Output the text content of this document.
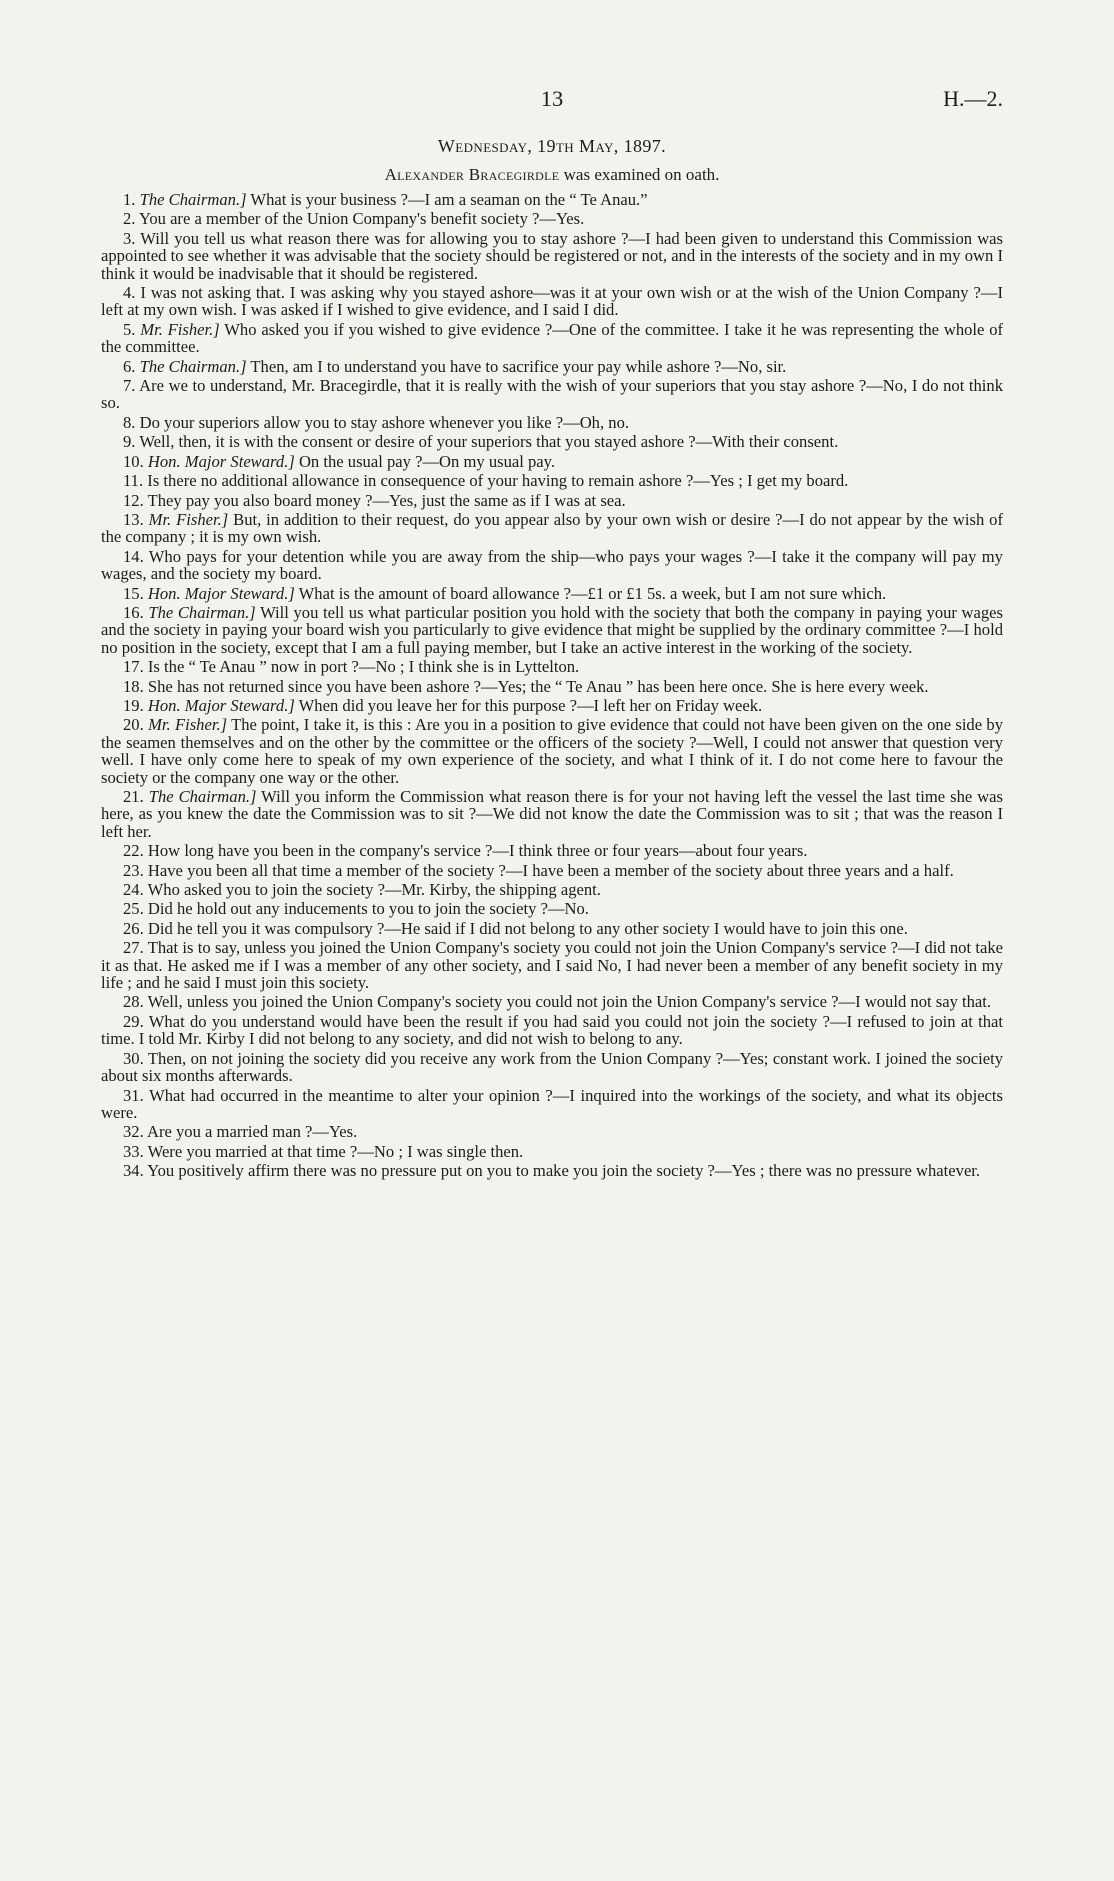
13	H.—2.
Wednesday, 19th May, 1897.
Alexander Bracegirdle was examined on oath.

1. The Chairman.] What is your business ?—I am a seaman on the “ Te Anau.”

2. You are a member of the Union Company's benefit society ?—Yes.

3. Will you tell us what reason there was for allowing you to stay ashore ?—I had been given to understand this Commission was appointed to see whether it was advisable that the society should be registered or not, and in the interests of the society and in my own I think it would be inadvisable that it should be registered.

4. I was not asking that. I was asking why you stayed ashore—was it at your own wish or at the wish of the Union Company ?—I left at my own wish. I was asked if I wished to give evidence, and I said I did.

5. Mr. Fisher.] Who asked you if you wished to give evidence ?—One of the committee. I take it he was representing the whole of the committee.

6. The Chairman.] Then, am I to understand you have to sacrifice your pay while ashore ?—No, sir.

7. Are we to understand, Mr. Bracegirdle, that it is really with the wish of your superiors that you stay ashore ?—No, I do not think so.

8. Do your superiors allow you to stay ashore whenever you like ?—Oh, no.

9. Well, then, it is with the consent or desire of your superiors that you stayed ashore ?—With their consent.

10. Hon. Major Steward.] On the usual pay ?—On my usual pay.

11. Is there no additional allowance in consequence of your having to remain ashore ?—Yes ; I get my board.

12. They pay you also board money ?—Yes, just the same as if I was at sea.

13. Mr. Fisher.] But, in addition to their request, do you appear also by your own wish or desire ?—I do not appear by the wish of the company ; it is my own wish.

14. Who pays for your detention while you are away from the ship—who pays your wages ?—I take it the company will pay my wages, and the society my board.

15. Hon. Major Steward.] What is the amount of board allowance ?—£1 or £1 5s. a week, but I am not sure which.

16. The Chairman.] Will you tell us what particular position you hold with the society that both the company in paying your wages and the society in paying your board wish you particularly to give evidence that might be supplied by the ordinary committee ?—I hold no position in the society, except that I am a full paying member, but I take an active interest in the working of the society.

17. Is the “ Te Anau ” now in port ?—No ; I think she is in Lyttelton.

18. She has not returned since you have been ashore ?—Yes; the “ Te Anau ” has been here once. She is here every week.

19. Hon. Major Steward.] When did you leave her for this purpose ?—I left her on Friday week.

20. Mr. Fisher.] The point, I take it, is this : Are you in a position to give evidence that could not have been given on the one side by the seamen themselves and on the other by the committee or the officers of the society ?—Well, I could not answer that question very well. I have only come here to speak of my own experience of the society, and what I think of it. I do not come here to favour the society or the company one way or the other.

21. The Chairman.] Will you inform the Commission what reason there is for your not having left the vessel the last time she was here, as you knew the date the Commission was to sit ?—We did not know the date the Commission was to sit ; that was the reason I left her.

22. How long have you been in the company's service ?—I think three or four years—about four years.

23. Have you been all that time a member of the society ?—I have been a member of the society about three years and a half.

24. Who asked you to join the society ?—Mr. Kirby, the shipping agent.

25. Did he hold out any inducements to you to join the society ?—No.

26. Did he tell you it was compulsory ?—He said if I did not belong to any other society I would have to join this one.

27. That is to say, unless you joined the Union Company's society you could not join the Union Company's service ?—I did not take it as that. He asked me if I was a member of any other society, and I said No, I had never been a member of any benefit society in my life ; and he said I must join this society.

28. Well, unless you joined the Union Company's society you could not join the Union Company's service ?—I would not say that.

29. What do you understand would have been the result if you had said you could not join the society ?—I refused to join at that time. I told Mr. Kirby I did not belong to any society, and did not wish to belong to any.

30. Then, on not joining the society did you receive any work from the Union Company ?—Yes; constant work. I joined the society about six months afterwards.

31. What had occurred in the meantime to alter your opinion ?—I inquired into the workings of the society, and what its objects were.

32. Are you a married man ?—Yes.

33. Were you married at that time ?—No ; I was single then.

34. You positively affirm there was no pressure put on you to make you join the society ?—Yes ; there was no pressure whatever.
